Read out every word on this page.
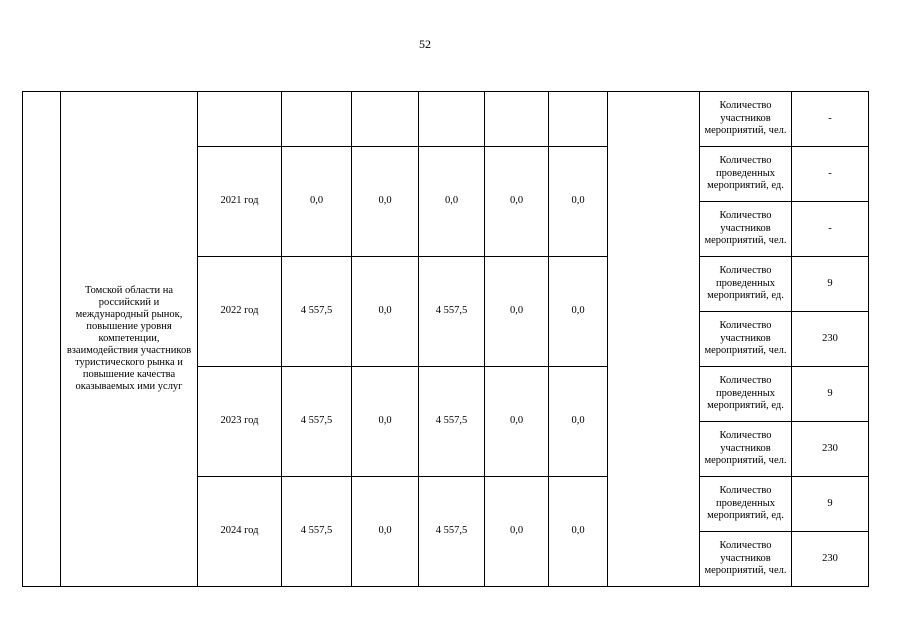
52
	Томской области на российский и международный рынок, повышение уровня компетенции, взаимодействия участников туристического рынка и повышение качества оказываемых ими услуг								Количество участников мероприятий, чел.	-
		2021 год	0,0	0,0	0,0	0,0	0,0		Количество проведенных мероприятий, ед.	-
									Количество участников мероприятий, чел.	-
		2022 год	4 557,5	0,0	4 557,5	0,0	0,0		Количество проведенных мероприятий, ед.	9
									Количество участников мероприятий, чел.	230
		2023 год	4 557,5	0,0	4 557,5	0,0	0,0		Количество проведенных мероприятий, ед.	9
									Количество участников мероприятий, чел.	230
		2024 год	4 557,5	0,0	4 557,5	0,0	0,0		Количество проведенных мероприятий, ед.	9
									Количество участников мероприятий, чел.	230
